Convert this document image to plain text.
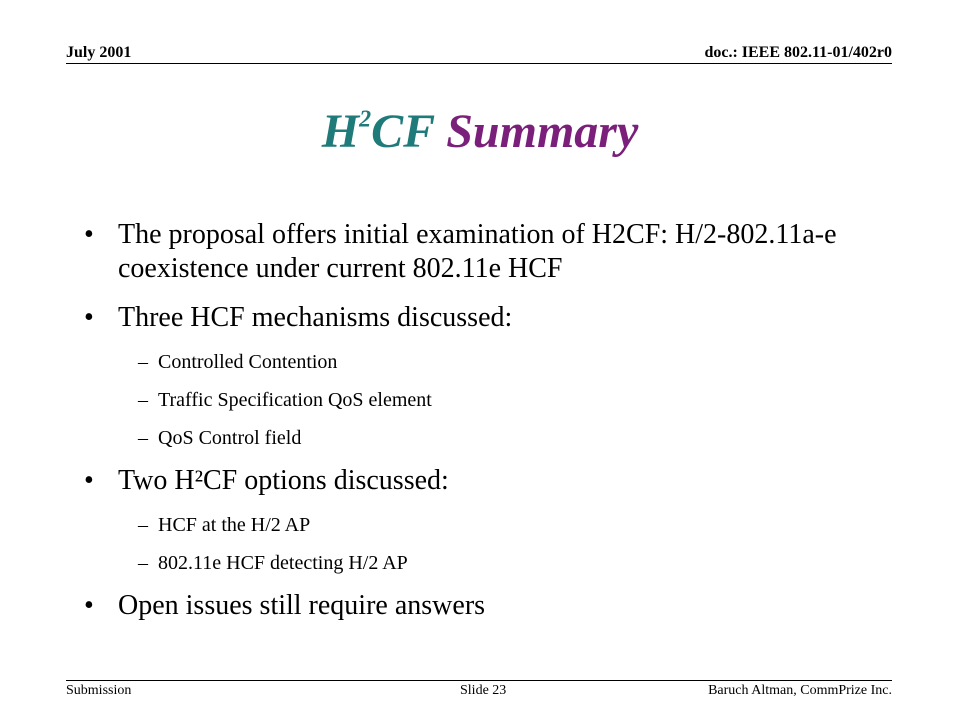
July 2001	doc.: IEEE 802.11-01/402r0
$H^2CF$ Summary
• The proposal offers initial examination of H2CF: H/2-802.11a-e coexistence under current 802.11e HCF
• Three HCF mechanisms discussed:
– Controlled Contention
– Traffic Specification QoS element
– QoS Control field
• Two H²CF options discussed:
– HCF at the H/2 AP
– 802.11e HCF detecting H/2 AP
• Open issues still require answers
Submission	Slide 23	Baruch Altman, CommPrize Inc.
